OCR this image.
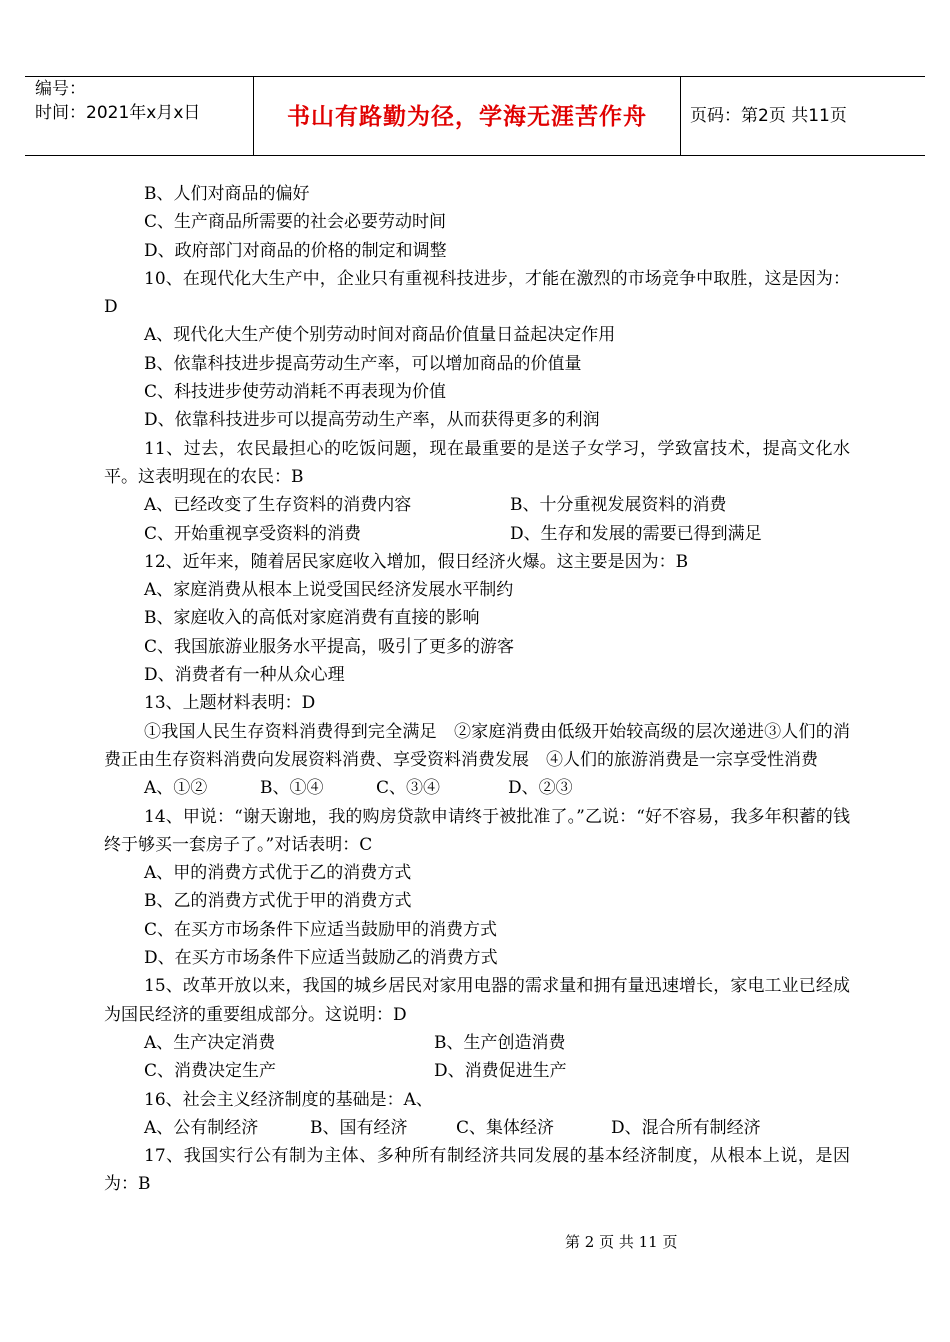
编号：
时间：2021年x月x日	书山有路勤为径，学海无涯苦作舟	页码：第2页 共11页

B、人们对商品的偏好

C、生产商品所需要的社会必要劳动时间

D、政府部门对商品的价格的制定和调整

10、在现代化大生产中，企业只有重视科技进步，才能在激烈的市场竞争中取胜，这是因为：D

A、现代化大生产使个别劳动时间对商品价值量日益起决定作用

B、依靠科技进步提高劳动生产率，可以增加商品的价值量

C、科技进步使劳动消耗不再表现为价值

D、依靠科技进步可以提高劳动生产率，从而获得更多的利润

11、过去，农民最担心的吃饭问题，现在最重要的是送子女学习，学致富技术，提高文化水平。这表明现在的农民：B

A、已经改变了生存资料的消费内容	B、十分重视发展资料的消费
C、开始重视享受资料的消费	D、生存和发展的需要已得到满足

12、近年来，随着居民家庭收入增加，假日经济火爆。这主要是因为：B

A、家庭消费从根本上说受国民经济发展水平制约

B、家庭收入的高低对家庭消费有直接的影响

C、我国旅游业服务水平提高，吸引了更多的游客

D、消费者有一种从众心理

13、上题材料表明：D

①我国人民生存资料消费得到完全满足　②家庭消费由低级开始较高级的层次递进③人们的消费正由生存资料消费向发展资料消费、享受资料消费发展　④人们的旅游消费是一宗享受性消费

A、①②	B、①④	C、③④	D、②③

14、甲说：“谢天谢地，我的购房贷款申请终于被批准了。”乙说：“好不容易，我多年积蓄的钱终于够买一套房子了。”对话表明：C

A、甲的消费方式优于乙的消费方式

B、乙的消费方式优于甲的消费方式

C、在买方市场条件下应适当鼓励甲的消费方式

D、在买方市场条件下应适当鼓励乙的消费方式

15、改革开放以来，我国的城乡居民对家用电器的需求量和拥有量迅速增长，家电工业已经成为国民经济的重要组成部分。这说明：D

A、生产决定消费	B、生产创造消费
C、消费决定生产	D、消费促进生产

16、社会主义经济制度的基础是：A、

A、公有制经济	B、国有经济	C、集体经济	D、混合所有制经济

17、我国实行公有制为主体、多种所有制经济共同发展的基本经济制度，从根本上说，是因为：B

第 2 页 共 11 页
